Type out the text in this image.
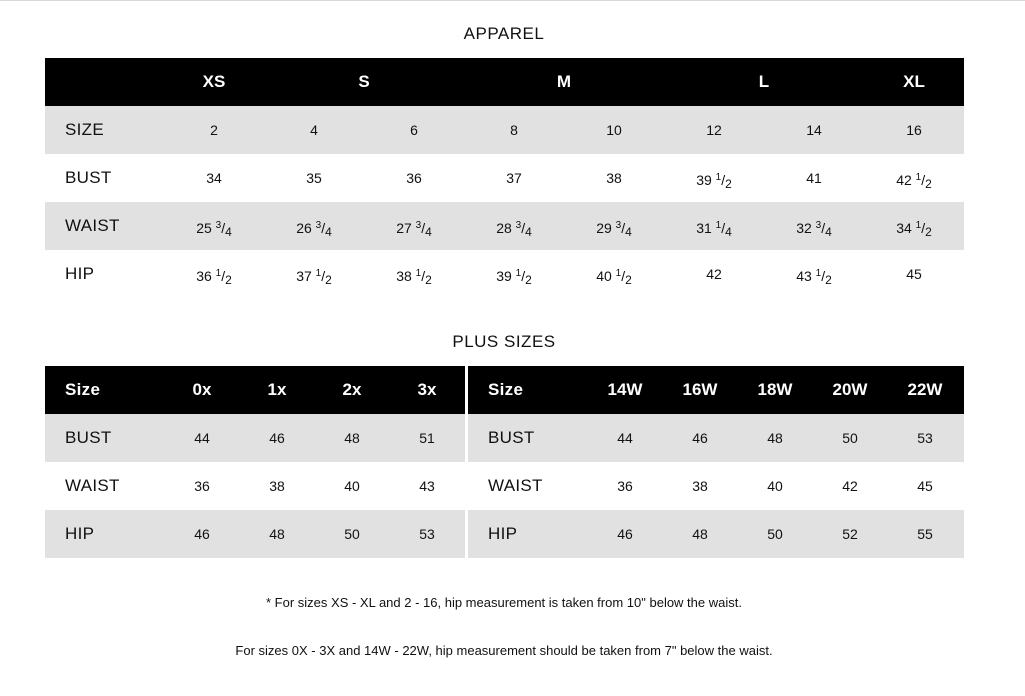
APPAREL
XS	S	M	L	XL
SIZE	2	4	6	8	10	12	14	16
BUST	34	35	36	37	38	39 $^1/_2$	41	42 $^1/_2$
WAIST	25 $^3/_4$	26 $^3/_4$	27 $^3/_4$	28 $^3/_4$	29 $^3/_4$	31 $^1/_4$	32 $^3/_4$	34 $^1/_2$
HIP	36 $^1/_2$	37 $^1/_2$	38 $^1/_2$	39 $^1/_2$	40 $^1/_2$	42	43 $^1/_2$	45
PLUS SIZES
Size	0x	1x	2x	3x
BUST	44	46	48	51
WAIST	36	38	40	43
HIP	46	48	50	53
Size	14W	16W	18W	20W	22W
BUST	44	46	48	50	53
WAIST	36	38	40	42	45
HIP	46	48	50	52	55
* For sizes XS - XL and 2 - 16, hip measurement is taken from 10" below the waist.
For sizes 0X - 3X and 14W - 22W, hip measurement should be taken from 7" below the waist.
